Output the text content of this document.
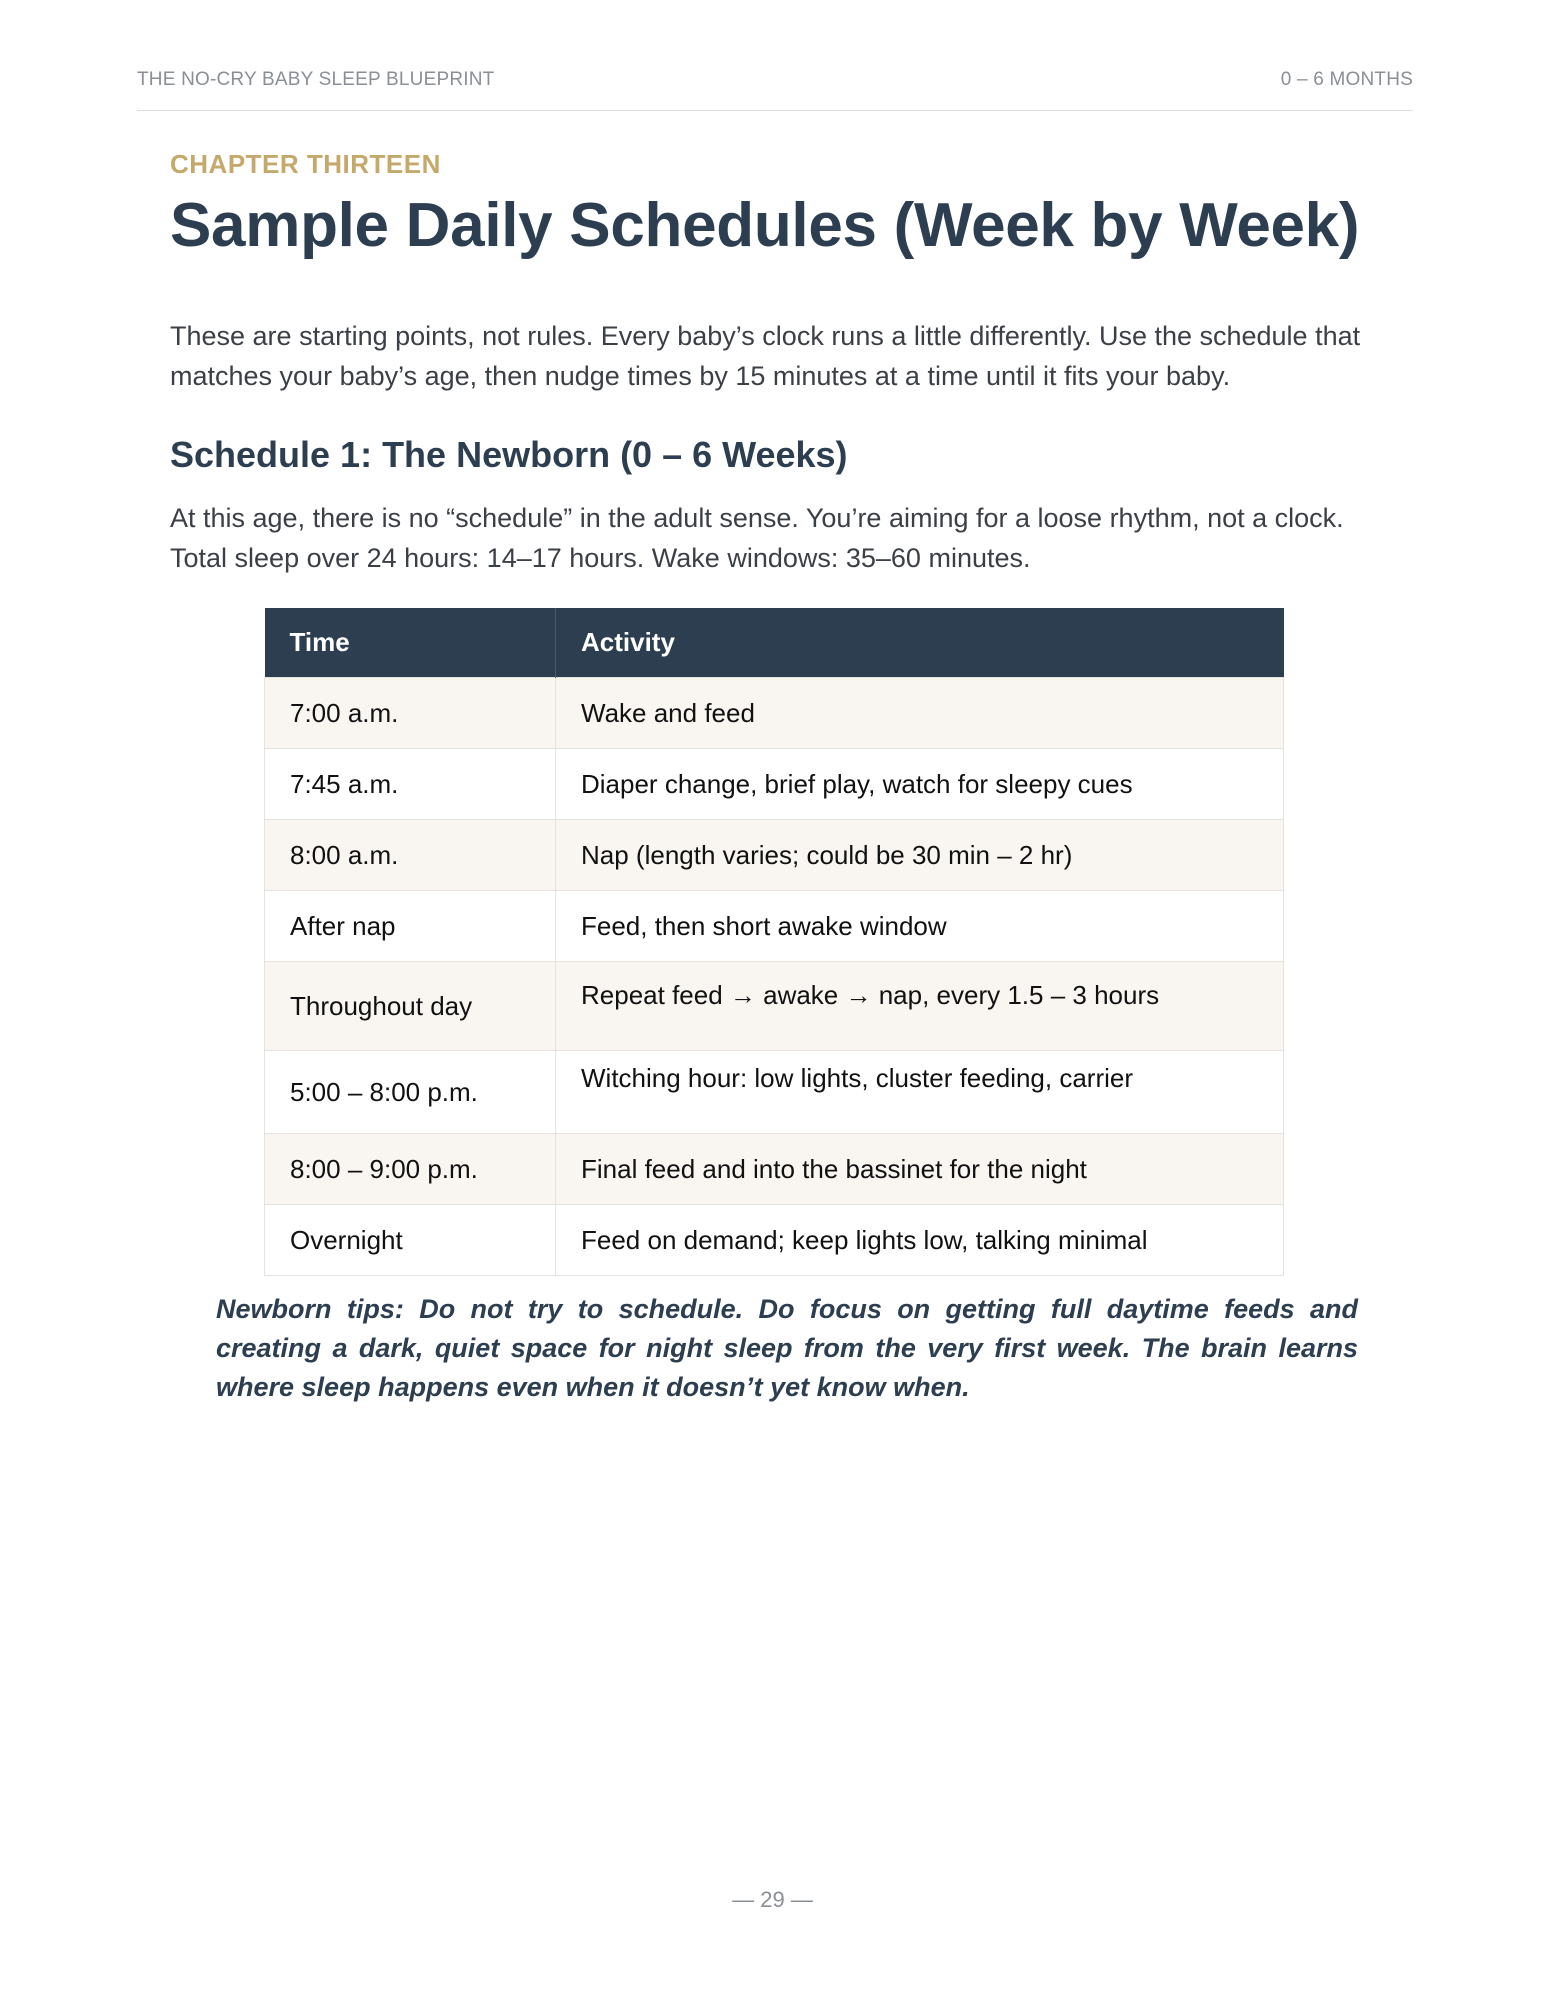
THE NO-CRY BABY SLEEP BLUEPRINT	0 – 6 MONTHS
CHAPTER THIRTEEN
Sample Daily Schedules (Week by Week)

These are starting points, not rules. Every baby’s clock runs a little differently. Use the schedule that matches your baby’s age, then nudge times by 15 minutes at a time until it fits your baby.

Schedule 1: The Newborn (0 – 6 Weeks)

At this age, there is no “schedule” in the adult sense. You’re aiming for a loose rhythm, not a clock. Total sleep over 24 hours: 14–17 hours. Wake windows: 35–60 minutes.

Time	Activity
7:00 a.m.	Wake and feed
7:45 a.m.	Diaper change, brief play, watch for sleepy cues
8:00 a.m.	Nap (length varies; could be 30 min – 2 hr)
After nap	Feed, then short awake window
Throughout day	Repeat feed → awake → nap, every 1.5 – 3 hours
5:00 – 8:00 p.m.	Witching hour: low lights, cluster feeding, carrier
8:00 – 9:00 p.m.	Final feed and into the bassinet for the night
Overnight	Feed on demand; keep lights low, talking minimal

Newborn tips: Do not try to schedule. Do focus on getting full daytime feeds and creating a dark, quiet space for night sleep from the very first week. The brain learns where sleep happens even when it doesn’t yet know when.

— 29 —
